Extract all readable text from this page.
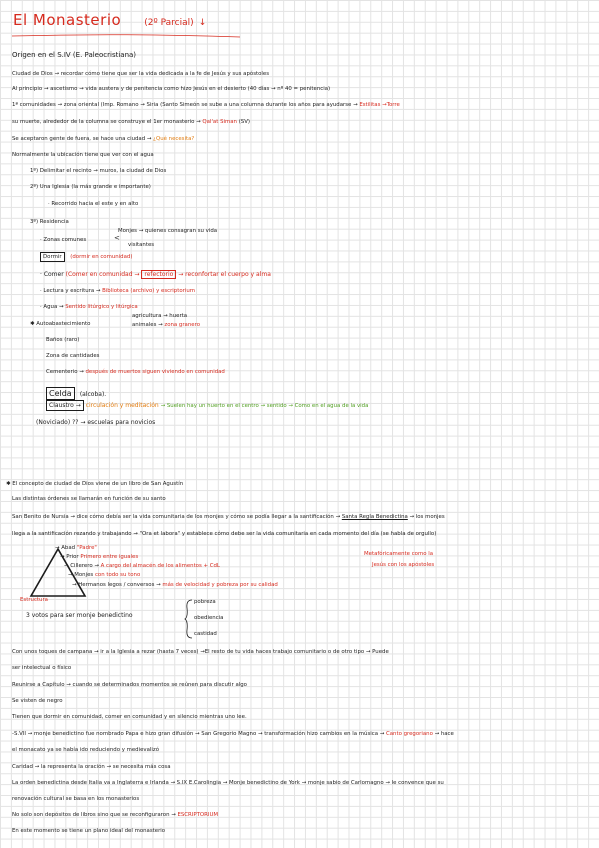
El Monasterio	(2º Parcial) ↓
Origen en el S.IV (E. Paleocristiana)
Ciudad de Dios → recordar cómo tiene que ser la vida dedicada a la fe de Jesús y sus apóstoles
Al principio → ascetismo → vida austera y de penitencia como hizo Jesús en el desierto (40 días → nº 40 = penitencia)
1ª comunidades → zona oriental (Imp. Romano → Siria (Santo Simeón se sube a una columna durante los años para ayudarse → Estilitas →Torre
su muerte, alrededor de la columna se construye el 1er monasterio → Qal'at Siman (SV)
Se aceptaron gente de fuera, se hace una ciudad → ¿Qué necesita?
Normalmente la ubicación tiene que ver con el agua
1º) Delimitar el recinto → muros, la ciudad de Dios
2º) Una Iglesia (la más grande e importante)
· Recorrido hacia el este y en alto
3º) Residencia
Monjes → quienes consagran su vida
· Zonas comunes	<
visitantes
Dormir (dormir en comunidad)
· Comer (Comer en comunidad → refectorio → reconfortar el cuerpo y alma
· Lectura y escritura → Biblioteca (archivo) y escriptorium
· Agua → Sentido litúrgico y litúrgica
agricultura → huerta
✱ Autoabastecimiento	animales → zona granero
Baños (raro)
Zona de cantidades
Cementerio → después de muertos siguen viviendo en comunidad
Celda (alcoba).
Claustro → circulación y meditación → Suelen hay un huerto en el centro → sentido → Como en el agua de la vida
(Noviciado) ?? → escuelas para novicios
✱ El concepto de ciudad de Dios viene de un libro de San Agustín
Las distintas órdenes se llamarán en función de su santo
San Benito de Nursia → dice cómo debía ser la vida comunitaria de los monjes y cómo se podía llegar a la santificación → Santa Regla Benedictina → los monjes
llega a la santificación rezando y trabajando → "Ora et labora" y establece cómo debe ser la vida comunitaria en cada momento del día (se habla de orgullo)
→ Abad "Padre"
→ Prior Primero entre iguales
→ Cillerero → A cargo del almacén de los alimentos + CdL
→ Monjes con todo su tono
→ Hermanos legos / conversos → más de velocidad y pobreza por su calidad
Estructura
Metafóricamente como la
Jesús con los apóstoles
3 votos para ser monje benedictino
pobreza
obediencia
castidad
Con unos toques de campana → ir a la Iglesia a rezar (hasta 7 veces) →El resto de tu vida haces trabajo comunitario o de otro tipo → Puede
ser intelectual o físico
Reunirse a Capítulo → cuando se determinados momentos se reúnen para discutir algo
Se visten de negro
Tienen que dormir en comunidad, comer en comunidad y en silencio mientras uno lee.
-S.VII → monje benedictino fue nombrado Papa e hizo gran difusión → San Gregorio Magno → transformación hizo cambios en la música → Canto gregoriano → hace
el monacato ya se había ido reduciendo y medievalizó
Caridad → la representa la oración → se necesita más cosa
La orden benedictina desde Italia va a Inglaterra e Irlanda → S.IX E.Carolingia → Monje benedictino de York → monje sabio de Carlomagno → le convence que su
renovación cultural se basa en los monasterios
No solo son depósitos de libros sino que se reconfiguraron → ESCRIPTORIUM
En este momento se tiene un plano ideal del monasterio
